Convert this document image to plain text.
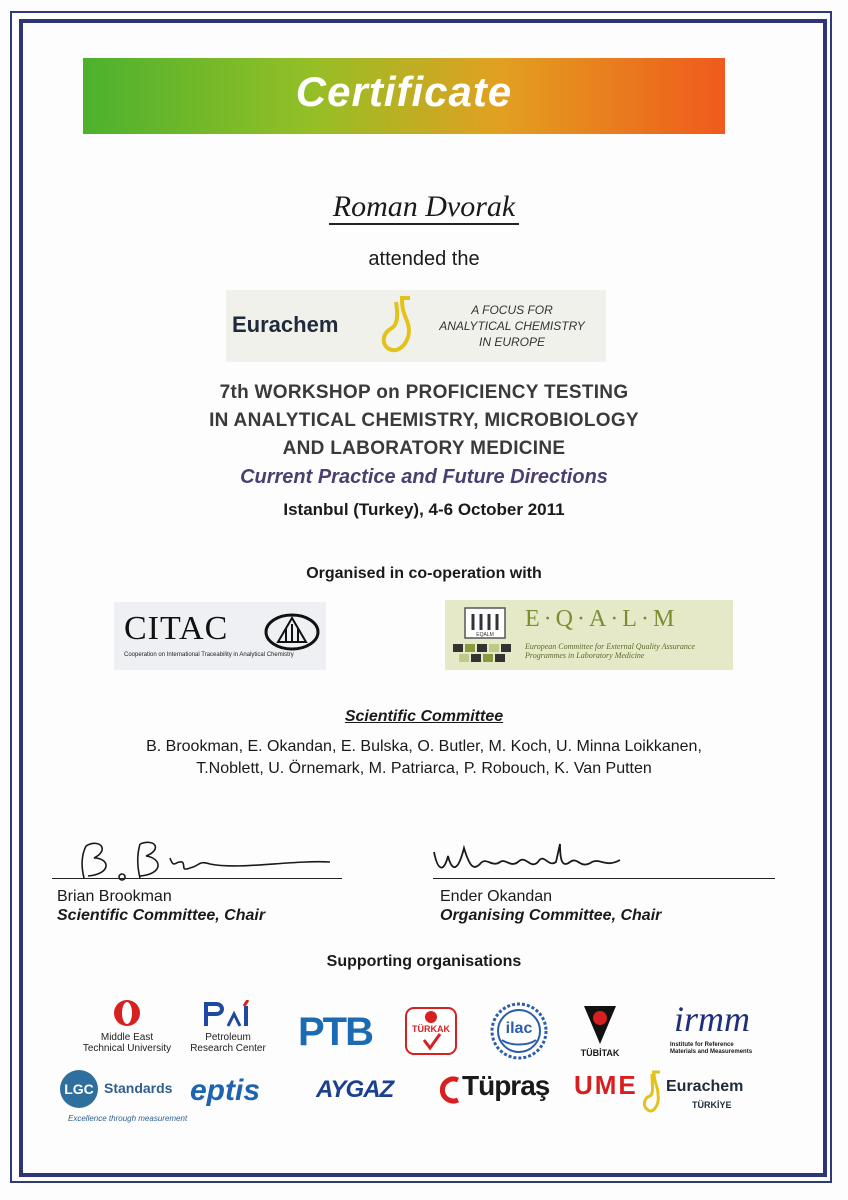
Certificate
Roman Dvorak
attended the
Eurachem
A FOCUS FOR
ANALYTICAL CHEMISTRY
IN EUROPE
7th WORKSHOP on PROFICIENCY TESTING
IN ANALYTICAL CHEMISTRY, MICROBIOLOGY
AND LABORATORY MEDICINE
Current Practice and Future Directions
Istanbul (Turkey), 4-6 October 2011
Organised in co-operation with
CITAC
Cooperation on International Traceability in Analytical Chemistry
EQALM
E·Q·A·L·M
European Committee for External Quality Assurance Programmes in Laboratory Medicine
Scientific Committee
B. Brookman, E. Okandan, E. Bulska, O. Butler, M. Koch, U. Minna Loikkanen,
T.Noblett, U. Örnemark, M. Patriarca, P. Robouch, K. Van Putten
Brian Brookman
Scientific Committee, Chair
Ender Okandan
Organising Committee, Chair
Supporting organisations
Middle East
Technical University
Petroleum
Research Center PTB	TÜRKAK	ilac
TÜBİTAK
irmm
Institute for Reference
Materials and Measurements
LGC Standards
Excellence through measurement
eptis AYGAZ Tüpraş UME Eurachem
TÜRKİYE
